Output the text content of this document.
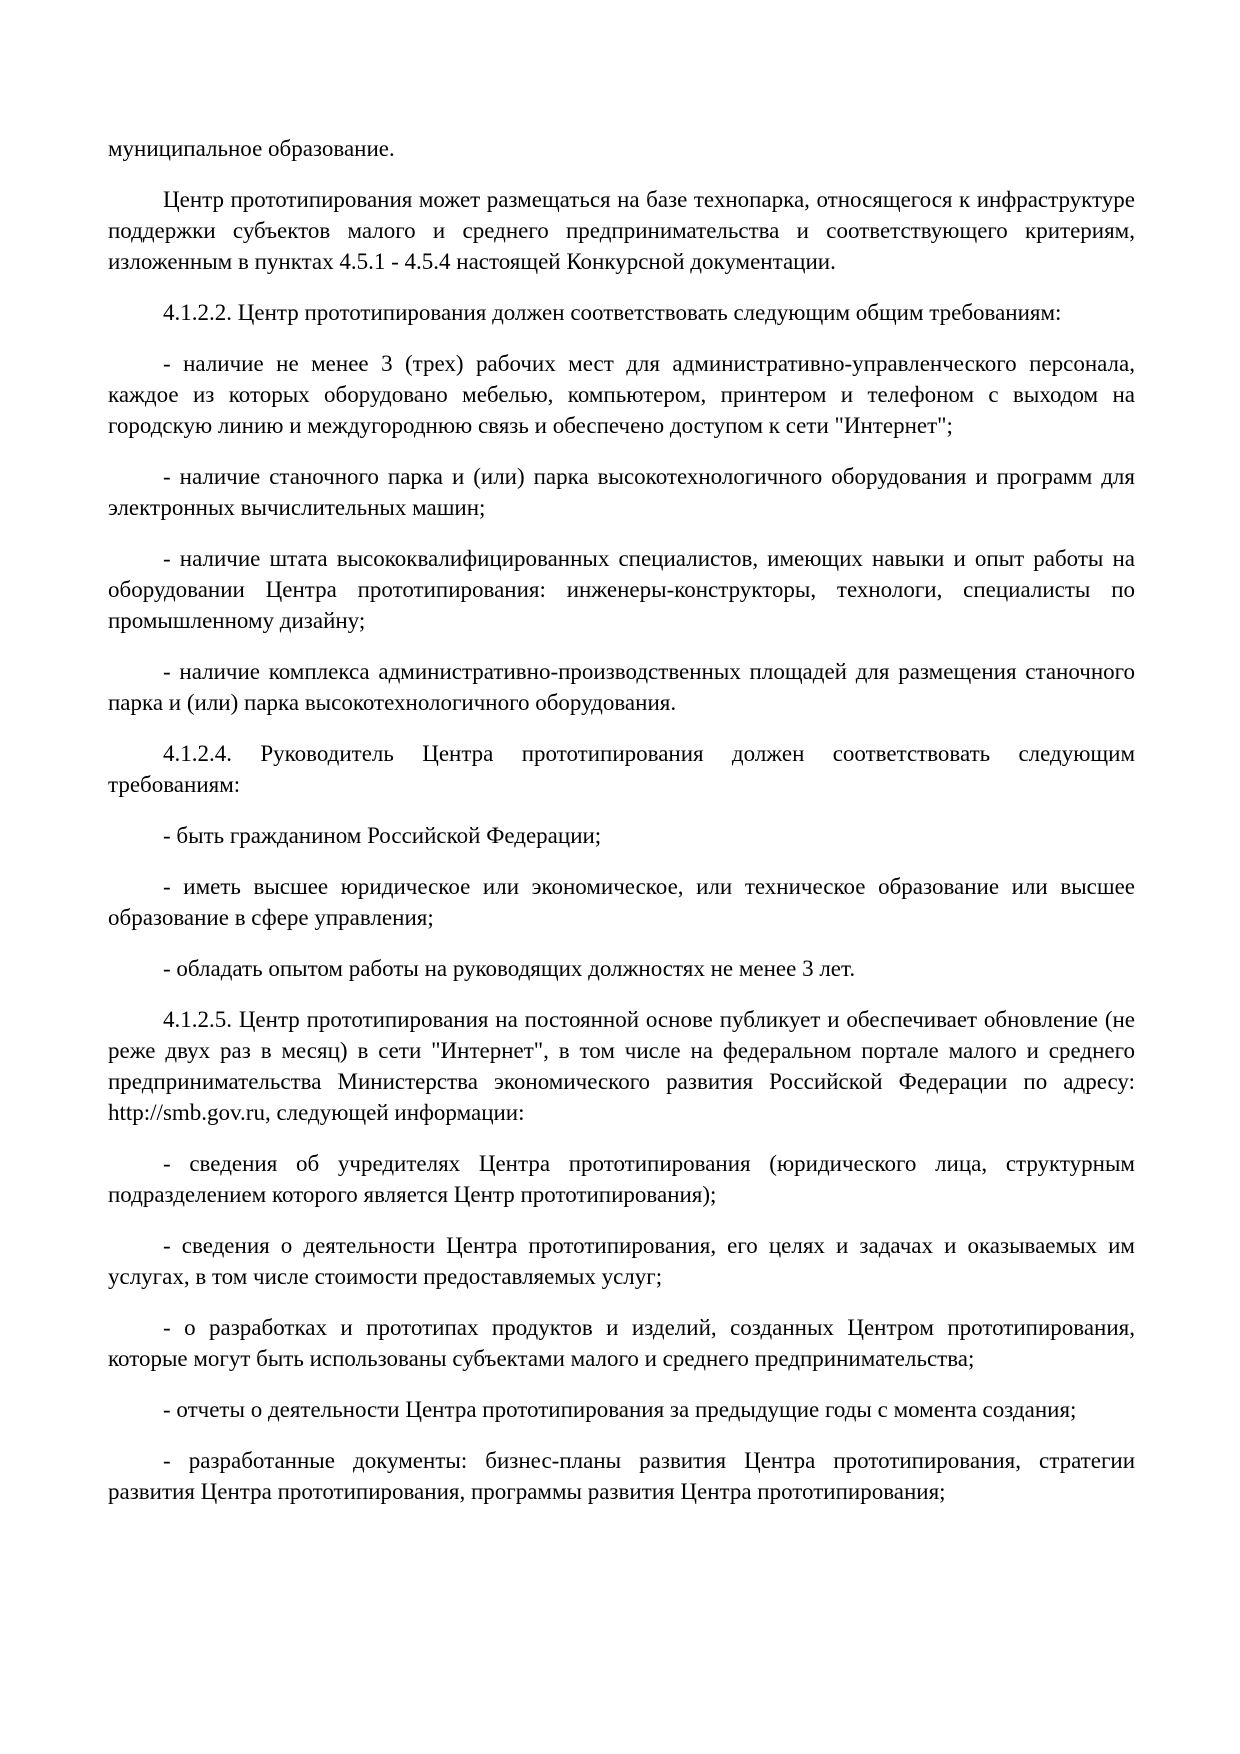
муниципальное образование.

Центр прототипирования может размещаться на базе технопарка, относящегося к инфраструктуре поддержки субъектов малого и среднего предпринимательства и соответствующего критериям, изложенным в пунктах 4.5.1 - 4.5.4 настоящей Конкурсной документации.

4.1.2.2. Центр прототипирования должен соответствовать следующим общим требованиям:

- наличие не менее 3 (трех) рабочих мест для административно-управленческого персонала, каждое из которых оборудовано мебелью, компьютером, принтером и телефоном с выходом на городскую линию и междугороднюю связь и обеспечено доступом к сети "Интернет";

- наличие станочного парка и (или) парка высокотехнологичного оборудования и программ для электронных вычислительных машин;

- наличие штата высококвалифицированных специалистов, имеющих навыки и опыт работы на оборудовании Центра прототипирования: инженеры-конструкторы, технологи, специалисты по промышленному дизайну;

- наличие комплекса административно-производственных площадей для размещения станочного парка и (или) парка высокотехнологичного оборудования.

4.1.2.4. Руководитель Центра прототипирования должен соответствовать следующим требованиям:

- быть гражданином Российской Федерации;

- иметь высшее юридическое или экономическое, или техническое образование или высшее образование в сфере управления;

- обладать опытом работы на руководящих должностях не менее 3 лет.

4.1.2.5. Центр прототипирования на постоянной основе публикует и обеспечивает обновление (не реже двух раз в месяц) в сети "Интернет", в том числе на федеральном портале малого и среднего предпринимательства Министерства экономического развития Российской Федерации по адресу: http://smb.gov.ru, следующей информации:

- сведения об учредителях Центра прототипирования (юридического лица, структурным подразделением которого является Центр прототипирования);

- сведения о деятельности Центра прототипирования, его целях и задачах и оказываемых им услугах, в том числе стоимости предоставляемых услуг;

- о разработках и прототипах продуктов и изделий, созданных Центром прототипирования, которые могут быть использованы субъектами малого и среднего предпринимательства;

- отчеты о деятельности Центра прототипирования за предыдущие годы с момента создания;

- разработанные документы: бизнес-планы развития Центра прототипирования, стратегии развития Центра прототипирования, программы развития Центра прототипирования;
